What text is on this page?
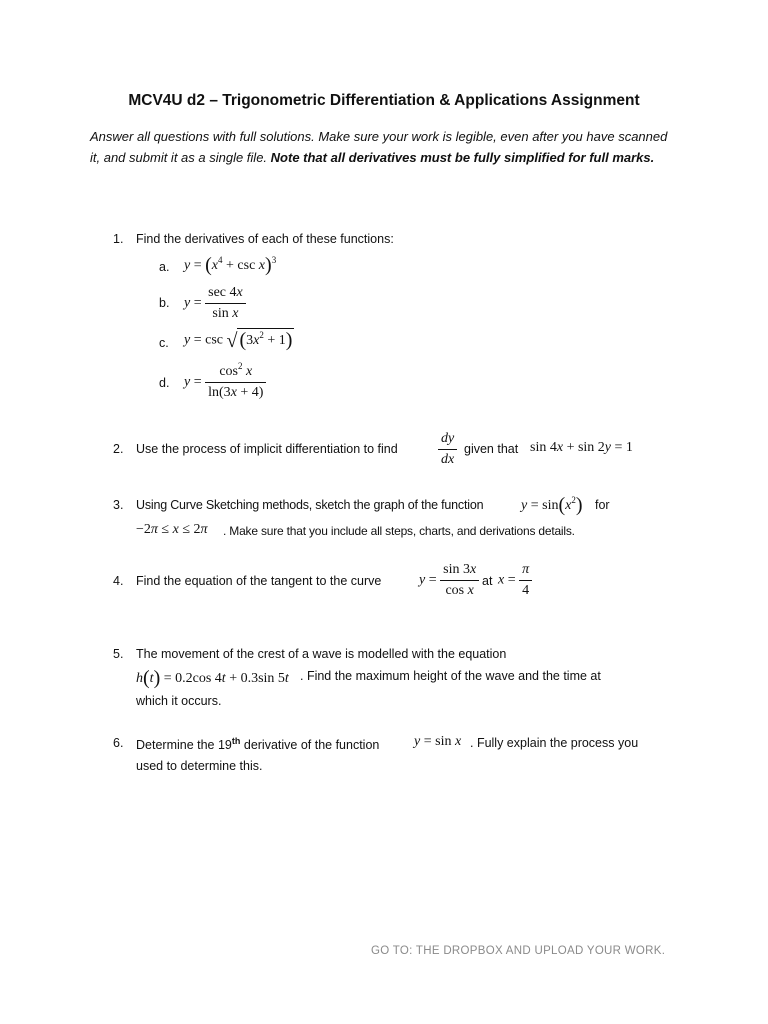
MCV4U d2 – Trigonometric Differentiation & Applications Assignment
Answer all questions with full solutions. Make sure your work is legible, even after you have scanned it, and submit it as a single file. Note that all derivatives must be fully simplified for full marks.
1. Find the derivatives of each of these functions:
a. $y = (x^4 + \csc x)^3$
b. $y = \frac{\sec 4x}{\text{sin x}}$
c. y = csc √ $(3x^2 + 1)$
d. $y = \frac{\cos^2 x}{\ln(3x + 4)}$
2. Use the process of implicit differentiation to find	$\frac{dy}{dx}$ given that sin 4x + sin 2y = 1
3. Using Curve Sketching methods, sketch the graph of the function	$y = \sin(x^2)$ for
−2π ≤ x ≤ 2π . Make sure that you include all steps, charts, and derivations details.
4. Find the equation of the tangent to the curve	$y = \frac{\sin 3x}{\text{cos x}}$ at $x = \frac{\pi}{4}$
5. The movement of the crest of a wave is modelled with the equation
h(t) = 0.2cos 4t + 0.3sin 5t . Find the maximum height of the wave and the time at
which it occurs.
6. Determine the 19th derivative of the function y = sin x . Fully explain the process you
used to determine this.
GO TO: THE DROPBOX AND UPLOAD YOUR WORK.
